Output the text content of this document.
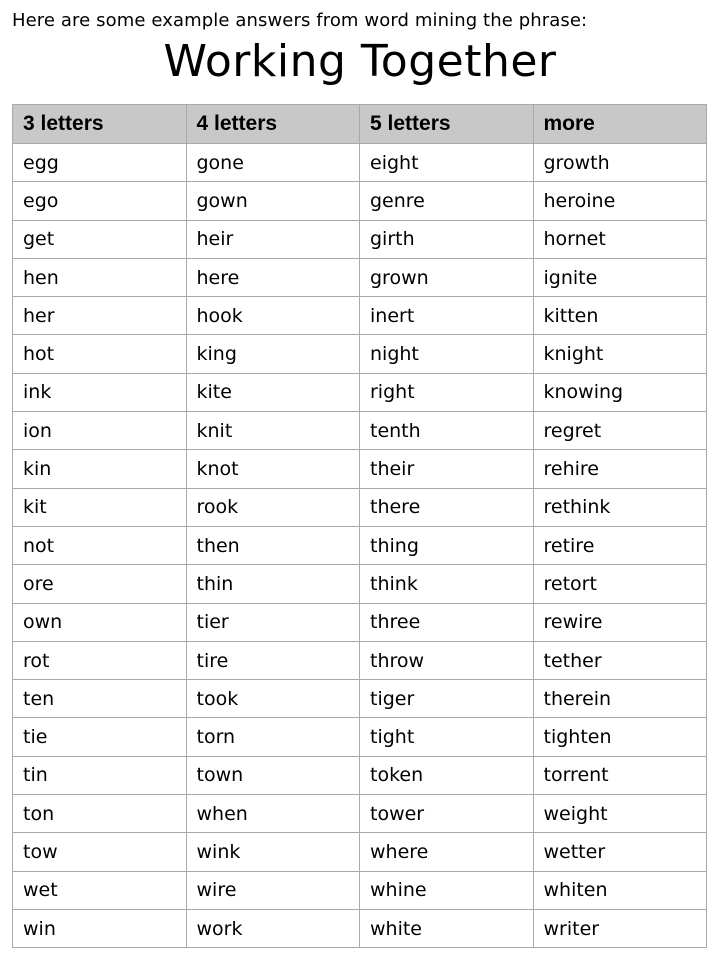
Here are some example answers from word mining the phrase:
Working Together
3 letters	4 letters	5 letters	more
egg	gone	eight	growth
ego	gown	genre	heroine
get	heir	girth	hornet
hen	here	grown	ignite
her	hook	inert	kitten
hot	king	night	knight
ink	kite	right	knowing
ion	knit	tenth	regret
kin	knot	their	rehire
kit	rook	there	rethink
not	then	thing	retire
ore	thin	think	retort
own	tier	three	rewire
rot	tire	throw	tether
ten	took	tiger	therein
tie	torn	tight	tighten
tin	town	token	torrent
ton	when	tower	weight
tow	wink	where	wetter
wet	wire	whine	whiten
win	work	white	writer
